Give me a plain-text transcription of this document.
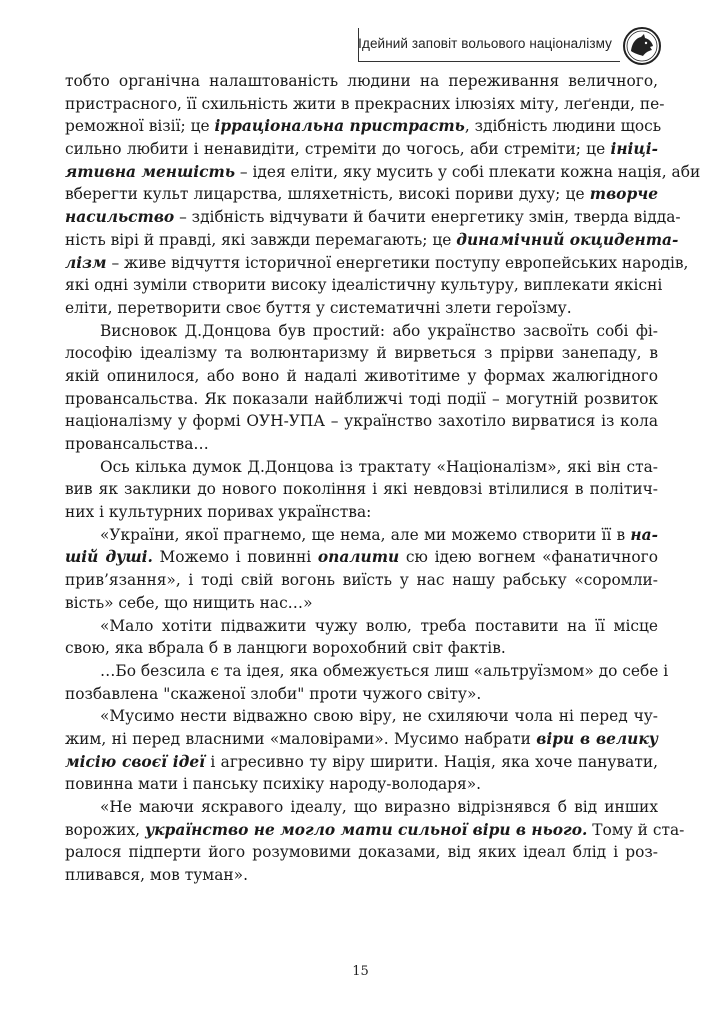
Ідейний заповіт вольового націоналізму
тобто органічна налаштованість людини на переживання величного,
пристрасного, її схильність жити в прекрасних ілюзіях міту, леґенди, пе-
реможної візії; це ірраціональна пристрасть, здібність людини щось
сильно любити і ненавидіти, стреміти до чогось, аби стреміти; це ініці-
ятивна меншість – ідея еліти, яку мусить у собі плекати кожна нація, аби
вберегти культ лицарства, шляхетність, високі пориви духу; це творче
насильство – здібність відчувати й бачити енергетику змін, тверда відда-
ність вірі й правді, які завжди перемагають; це динамічний окцидента-
лізм – живе відчуття історичної енергетики поступу европейських народів,
які одні зуміли створити високу ідеалістичну культуру, виплекати якісні
еліти, перетворити своє буття у систематичні злети героїзму.
Висновок Д.Донцова був простий: або українство засвоїть собі фі-
лософію ідеалізму та волюнтаризму й вирветься з прірви занепаду, в
якій опинилося, або воно й надалі животітиме у формах жалюгідного
провансальства. Як показали найближчі тоді події – могутній розвиток
націоналізму у формі ОУН-УПА – українство захотіло вирватися із кола
провансальства…
Ось кілька думок Д.Донцова із трактату «Націоналізм», які він ста-
вив як заклики до нового покоління і які невдовзі втілилися в політич-
них і культурних поривах українства:
«України, якої прагнемо, ще нема, але ми можемо створити її в на-
шій душі. Можемо і повинні опалити сю ідею вогнем «фанатичного
прив’язання», і тоді свій вогонь виїсть у нас нашу рабську «соромли-
вість» себе, що нищить нас…»
«Мало хотіти підважити чужу волю, треба поставити на її місце
свою, яка вбрала б в ланцюги ворохобний світ фактів.
…Бо безсила є та ідея, яка обмежується лиш «альтруїзмом» до себе і
позбавлена "скаженої злоби" проти чужого світу».
«Мусимо нести відважно свою віру, не схиляючи чола ні перед чу-
жим, ні перед власними «маловірами». Мусимо набрати віри в велику
місію своєї ідеї і агресивно ту віру ширити. Нація, яка хоче панувати,
повинна мати і панську психіку народу-володаря».
«Не маючи яскравого ідеалу, що виразно відрізнявся б від инших
ворожих, українство не могло мати сильної віри в нього. Тому й ста-
ралося підперти його розумовими доказами, від яких ідеал блід і роз-
пливався, мов туман».
15
